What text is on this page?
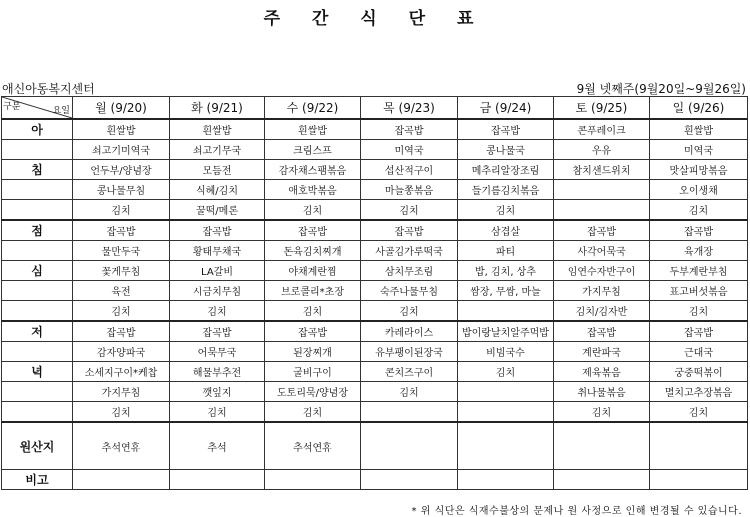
주 간 식 단 표
애신아동복지센터	9월 넷째주(9월20일~9월26일)
구분 요일	월 (9/20)	화 (9/21)	수 (9/22)	목 (9/23)	금 (9/24)	토 (9/25)	일 (9/26)
아	흰쌀밥	흰쌀밥	흰쌀밥	잡곡밥	잡곡밥	콘푸레이크	흰쌀밥
	쇠고기미역국	쇠고기무국	크림스프	미역국	콩나물국	우유	미역국
침	언두부/양념장	모듬전	감자채스팸볶음	섭산적구이	메추리알장조림	참치샌드위치	맛살피망볶음
	콩나물무침	식혜/김치	애호박볶음	마늘쫑볶음	들기름김치볶음		오이생채
	김치	꿀떡/메론	김치	김치	김치		김치
점	잡곡밥	잡곡밥	잡곡밥	잡곡밥	삼겹살	잡곡밥	잡곡밥
	물만두국	황태무채국	돈육김치찌개	사골김가루떡국	파티	사각어묵국	육개장
심	꽃게무침	LA갈비	야채계란찜	삼치무조림	밥, 김치, 상추	임연수자반구이	두부계란부침
	육전	시금치무침	브로콜리*초장	숙주나물무침	쌈장, 무쌈, 마늘	가지무침	표고버섯볶음
	김치	김치	김치	김치		김치/김자반	김치
저	잡곡밥	잡곡밥	잡곡밥	카레라이스	밥이랑날치알주먹밥	잡곡밥	잡곡밥
	감자양파국	어묵무국	된장찌개	유부팽이된장국	비빔국수	계란파국	근대국
녁	소세지구이*케찹	해물부추전	굴비구이	콘치즈구이	김치	제육볶음	궁중떡볶이
	가지무침	깻잎지	도토리묵/양념장	김치		취나물볶음	멸치고추장볶음
	김치	김치	김치			김치	김치
원산지	추석연휴	추석	추석연휴				
비고							
* 위 식단은 식재수불상의 문제나 원 사정으로 인해 변경될 수 있습니다.
